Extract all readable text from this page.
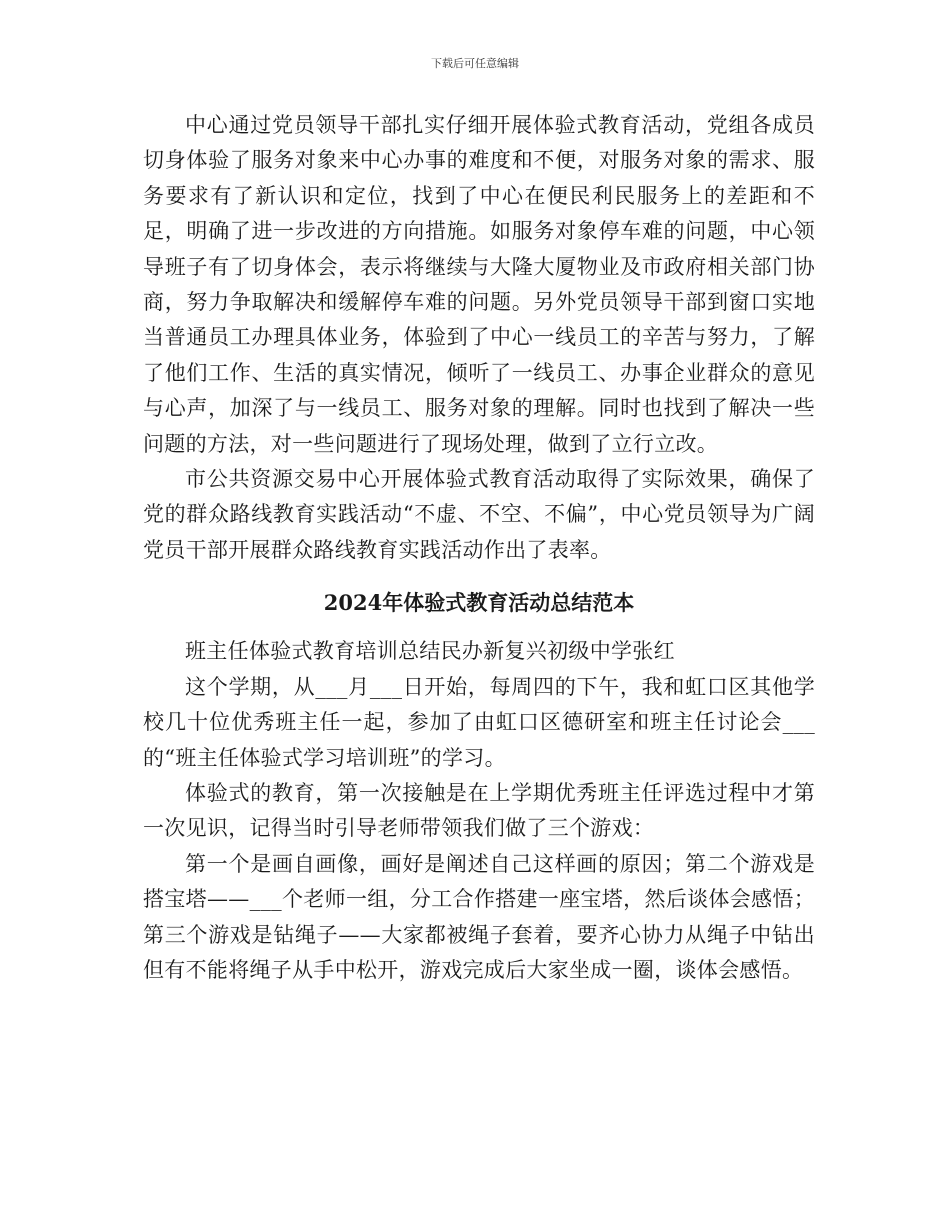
下载后可任意编辑

中心通过党员领导干部扎实仔细开展体验式教育活动，党组各成员切身体验了服务对象来中心办事的难度和不便，对服务对象的需求、服务要求有了新认识和定位，找到了中心在便民利民服务上的差距和不足，明确了进一步改进的方向措施。如服务对象停车难的问题，中心领导班子有了切身体会，表示将继续与大隆大厦物业及市政府相关部门协商，努力争取解决和缓解停车难的问题。另外党员领导干部到窗口实地当普通员工办理具体业务，体验到了中心一线员工的辛苦与努力，了解了他们工作、生活的真实情况，倾听了一线员工、办事企业群众的意见与心声，加深了与一线员工、服务对象的理解。同时也找到了解决一些问题的方法，对一些问题进行了现场处理，做到了立行立改。

市公共资源交易中心开展体验式教育活动取得了实际效果，确保了党的群众路线教育实践活动“不虚、不空、不偏”，中心党员领导为广阔党员干部开展群众路线教育实践活动作出了表率。

2024年体验式教育活动总结范本

班主任体验式教育培训总结民办新复兴初级中学张红

这个学期，从___月___日开始，每周四的下午，我和虹口区其他学校几十位优秀班主任一起，参加了由虹口区德研室和班主任讨论会___的“班主任体验式学习培训班”的学习。

体验式的教育，第一次接触是在上学期优秀班主任评选过程中才第一次见识，记得当时引导老师带领我们做了三个游戏：

第一个是画自画像，画好是阐述自己这样画的原因；第二个游戏是搭宝塔——___个老师一组，分工合作搭建一座宝塔，然后谈体会感悟；第三个游戏是钻绳子——大家都被绳子套着，要齐心协力从绳子中钻出但有不能将绳子从手中松开，游戏完成后大家坐成一圈，谈体会感悟。
